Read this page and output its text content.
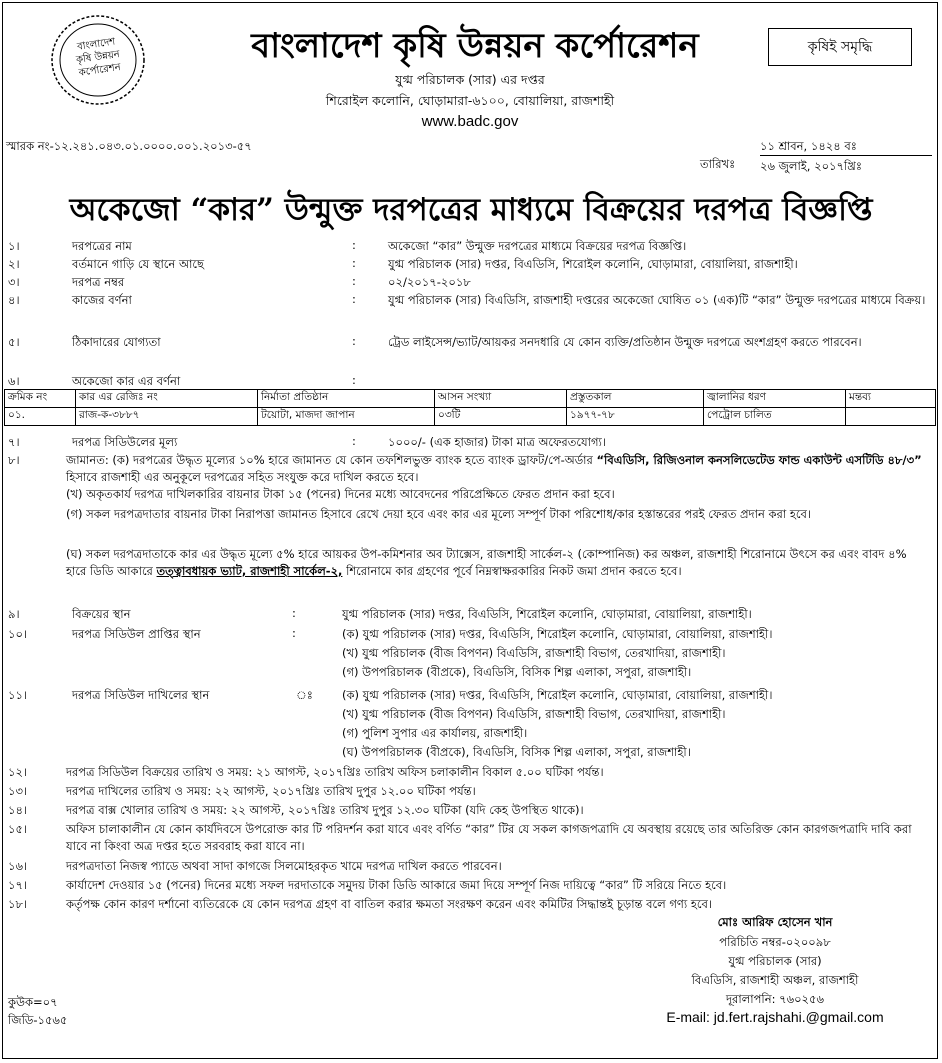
বাংলাদেশ
কৃষি উন্নয়ন
কর্পোরেশন
বাংলাদেশ কৃষি উন্নয়ন কর্পোরেশন
যুগ্ম পরিচালক (সার) এর দপ্তর
শিরোইল কলোনি, ঘোড়ামারা-৬১০০, বোয়ালিয়া, রাজশাহী
www.badc.gov
কৃষিই সমৃদ্ধি
স্মারক নং-১২.২৪১.০৪৩.০১.০০০০.০০১.২০১৩-৫৭	১১ শ্রাবন, ১৪২৪ বঃ
তারিখঃ ২৬ জুলাই, ২০১৭খ্রিঃ
অকেজো “কার” উন্মুক্ত দরপত্রের মাধ্যমে বিক্রয়ের দরপত্র বিজ্ঞপ্তি
১।	দরপত্রের নাম	:	অকেজো “কার” উন্মুক্ত দরপত্রের মাধ্যমে বিক্রয়ের দরপত্র বিজ্ঞপ্তি।
২।	বর্তমানে গাড়ি যে স্থানে আছে	:	যুগ্ম পরিচালক (সার) দপ্তর, বিএডিসি, শিরোইল কলোনি, ঘোড়ামারা, বোয়ালিয়া, রাজশাহী।
৩।	দরপত্র নম্বর	:	০২/২০১৭-২০১৮
৪।	কাজের বর্ণনা	:	যুগ্ম পরিচালক (সার) বিএডিসি, রাজশাহী দপ্তরের অকেজো ঘোষিত ০১ (এক)টি “কার” উন্মুক্ত দরপত্রের মাধ্যমে বিক্রয়।
৫।	ঠিকাদারের যোগ্যতা	:	ট্রেড লাইসেন্স/ভ্যাট/আয়কর সনদধারি যে কোন ব্যক্তি/প্রতিষ্ঠান উন্মুক্ত দরপত্রে অংশগ্রহণ করতে পারবেন।
৬।	অকেজো কার এর বর্ণনা	:
ক্রমিক নং	কার এর রেজিঃ নং	নির্মাতা প্রতিষ্ঠান	আসন সংখ্যা	প্রস্তুতকাল	জ্বালানির ধরণ	মন্তব্য
০১.	রাজ-ক-৩৮৮৭	টয়োটা, মাজদা জাপান	০৩টি	১৯৭৭-৭৮	পেট্রোল চালিত	
৭।	দরপত্র সিডিউলের মূল্য	:	১০০০/- (এক হাজার) টাকা মাত্র অফেরতযোগ্য।
৮।	জামানত: (ক) দরপত্রের উদ্ধৃত মূল্যের ১০% হারে জামানত যে কোন তফশিলভুক্ত ব্যাংক হতে ব্যাংক ড্রাফট/পে-অর্ডার “বিএডিসি, রিজিওনাল কনসলিডেটেড ফান্ড একাউন্ট এসটিডি ৪৮/৩” হিসাবে রাজশাহী এর অনুকূলে দরপত্রের সহিত সংযুক্ত করে দাখিল করতে হবে।
(খ) অকৃতকার্য দরপত্র দাখিলকারির বায়নার টাকা ১৫ (পনের) দিনের মধ্যে আবেদনের পরিপ্রেক্ষিতে ফেরত প্রদান করা হবে।
(গ) সকল দরপত্রদাতার বায়নার টাকা নিরাপত্তা জামানত হিসাবে রেখে দেয়া হবে এবং কার এর মূল্যে সম্পূর্ণ টাকা পরিশোধ/কার হস্তান্তরের পরই ফেরত প্রদান করা হবে।
(ঘ) সকল দরপত্রদাতাকে কার এর উদ্ধৃত মূল্যে ৫% হারে আয়কর উপ-কমিশনার অব ট্যাক্সেস, রাজশাহী সার্কেল-২ (কোম্পানিজ) কর অঞ্চল, রাজশাহী শিরোনামে উৎসে কর এবং বাবদ ৪% হারে ডিডি আকারে তত্ত্বাবধায়ক ভ্যাট, রাজশাহী সার্কেল-২, শিরোনামে কার গ্রহণের পূর্বে নিম্নস্বাক্ষরকারির নিকট জমা প্রদান করতে হবে।
৯।	বিক্রয়ের স্থান	:	যুগ্ম পরিচালক (সার) দপ্তর, বিএডিসি, শিরোইল কলোনি, ঘোড়ামারা, বোয়ালিয়া, রাজশাহী।
১০।	দরপত্র সিডিউল প্রাপ্তির স্থান	:	(ক) যুগ্ম পরিচালক (সার) দপ্তর, বিএডিসি, শিরোইল কলোনি, ঘোড়ামারা, বোয়ালিয়া, রাজশাহী।
(খ) যুগ্ম পরিচালক (বীজ বিপণন) বিএডিসি, রাজশাহী বিভাগ, তেরখাদিয়া, রাজশাহী।
(গ) উপপরিচালক (বীপ্রকে), বিএডিসি, বিসিক শিল্প এলাকা, সপুরা, রাজশাহী।
১১।	দরপত্র সিডিউল দাখিলের স্থান	ঃ	(ক) যুগ্ম পরিচালক (সার) দপ্তর, বিএডিসি, শিরোইল কলোনি, ঘোড়ামারা, বোয়ালিয়া, রাজশাহী।
(খ) যুগ্ম পরিচালক (বীজ বিপণন) বিএডিসি, রাজশাহী বিভাগ, তেরখাদিয়া, রাজশাহী।
(গ) পুলিশ সুপার এর কার্যালয়, রাজশাহী।
(ঘ) উপপরিচালক (বীপ্রকে), বিএডিসি, বিসিক শিল্প এলাকা, সপুরা, রাজশাহী।
১২।	দরপত্র সিডিউল বিক্রয়ের তারিখ ও সময়: ২১ আগস্ট, ২০১৭খ্রিঃ তারিখ অফিস চলাকালীন বিকাল ৫.০০ ঘটিকা পর্যন্ত।
১৩।	দরপত্র দাখিলের তারিখ ও সময়: ২২ আগস্ট, ২০১৭খ্রিঃ তারিখ দুপুর ১২.০০ ঘটিকা পর্যন্ত।
১৪।	দরপত্র বাক্স খোলার তারিখ ও সময়: ২২ আগস্ট, ২০১৭খ্রিঃ তারিখ দুপুর ১২.৩০ ঘটিকা (যদি কেহ উপস্থিত থাকে)।
১৫।	অফিস চালাকালীন যে কোন কার্যদিবসে উপরোক্ত কার টি পরিদর্শন করা যাবে এবং বর্ণিত “কার” টির যে সকল কাগজপত্রাদি যে অবস্থায় রয়েছে তার অতিরিক্ত কোন কারগজপত্রাদি দাবি করা যাবে না কিংবা অত্র দপ্তর হতে সরবরাহ করা যাবে না।
১৬।	দরপত্রদাতা নিজস্ব প্যাডে অথবা সাদা কাগজে সিলমোহরকৃত খামে দরপত্র দাখিল করতে পারবেন।
১৭।	কার্যাদেশ দেওয়ার ১৫ (পনের) দিনের মধ্যে সফল দরদাতাকে সমুদয় টাকা ডিডি আকারে জমা দিয়ে সম্পূর্ণ নিজ দায়িত্বে “কার” টি সরিয়ে নিতে হবে।
১৮।	কর্তৃপক্ষ কোন কারণ দর্শানো ব্যতিরেকে যে কোন দরপত্র গ্রহণ বা বাতিল করার ক্ষমতা সংরক্ষণ করেন এবং কমিটির সিদ্ধান্তই চূড়ান্ত বলে গণ্য হবে।
মোঃ আরিফ হোসেন খান
পরিচিতি নম্বর-০২০০৯৮
যুগ্ম পরিচালক (সার)
বিএডিসি, রাজশাহী অঞ্চল, রাজশাহী
দূরালাপনি: ৭৬০২৫৬
E-mail: jd.fert.rajshahi.@gmail.com
কুউক=০৭
জিডি-১৫৬৫
